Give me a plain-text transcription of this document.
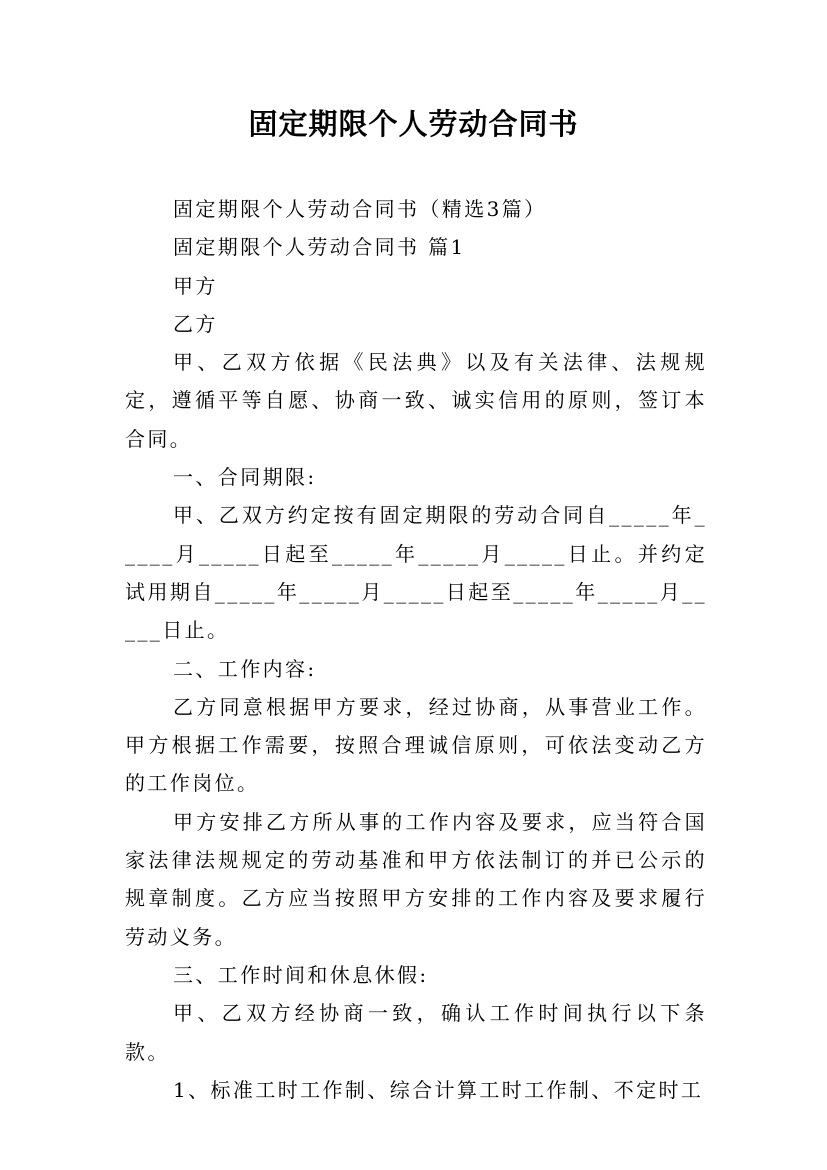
固定期限个人劳动合同书

固定期限个人劳动合同书（精选3篇）

固定期限个人劳动合同书 篇1

甲方

乙方

甲、乙双方依据《民法典》以及有关法律、法规规定，遵循平等自愿、协商一致、诚实信用的原则，签订本合同。

一、合同期限:

甲、乙双方约定按有固定期限的劳动合同自_____年_____月_____日起至_____年_____月_____日止。并约定试用期自_____年_____月_____日起至_____年_____月_____日止。

二、工作内容:

乙方同意根据甲方要求，经过协商，从事营业工作。甲方根据工作需要，按照合理诚信原则，可依法变动乙方的工作岗位。

甲方安排乙方所从事的工作内容及要求，应当符合国家法律法规规定的劳动基准和甲方依法制订的并已公示的规章制度。乙方应当按照甲方安排的工作内容及要求履行劳动义务。

三、工作时间和休息休假:

甲、乙双方经协商一致，确认工作时间执行以下条款。

1、标准工时工作制、综合计算工时工作制、不定时工
